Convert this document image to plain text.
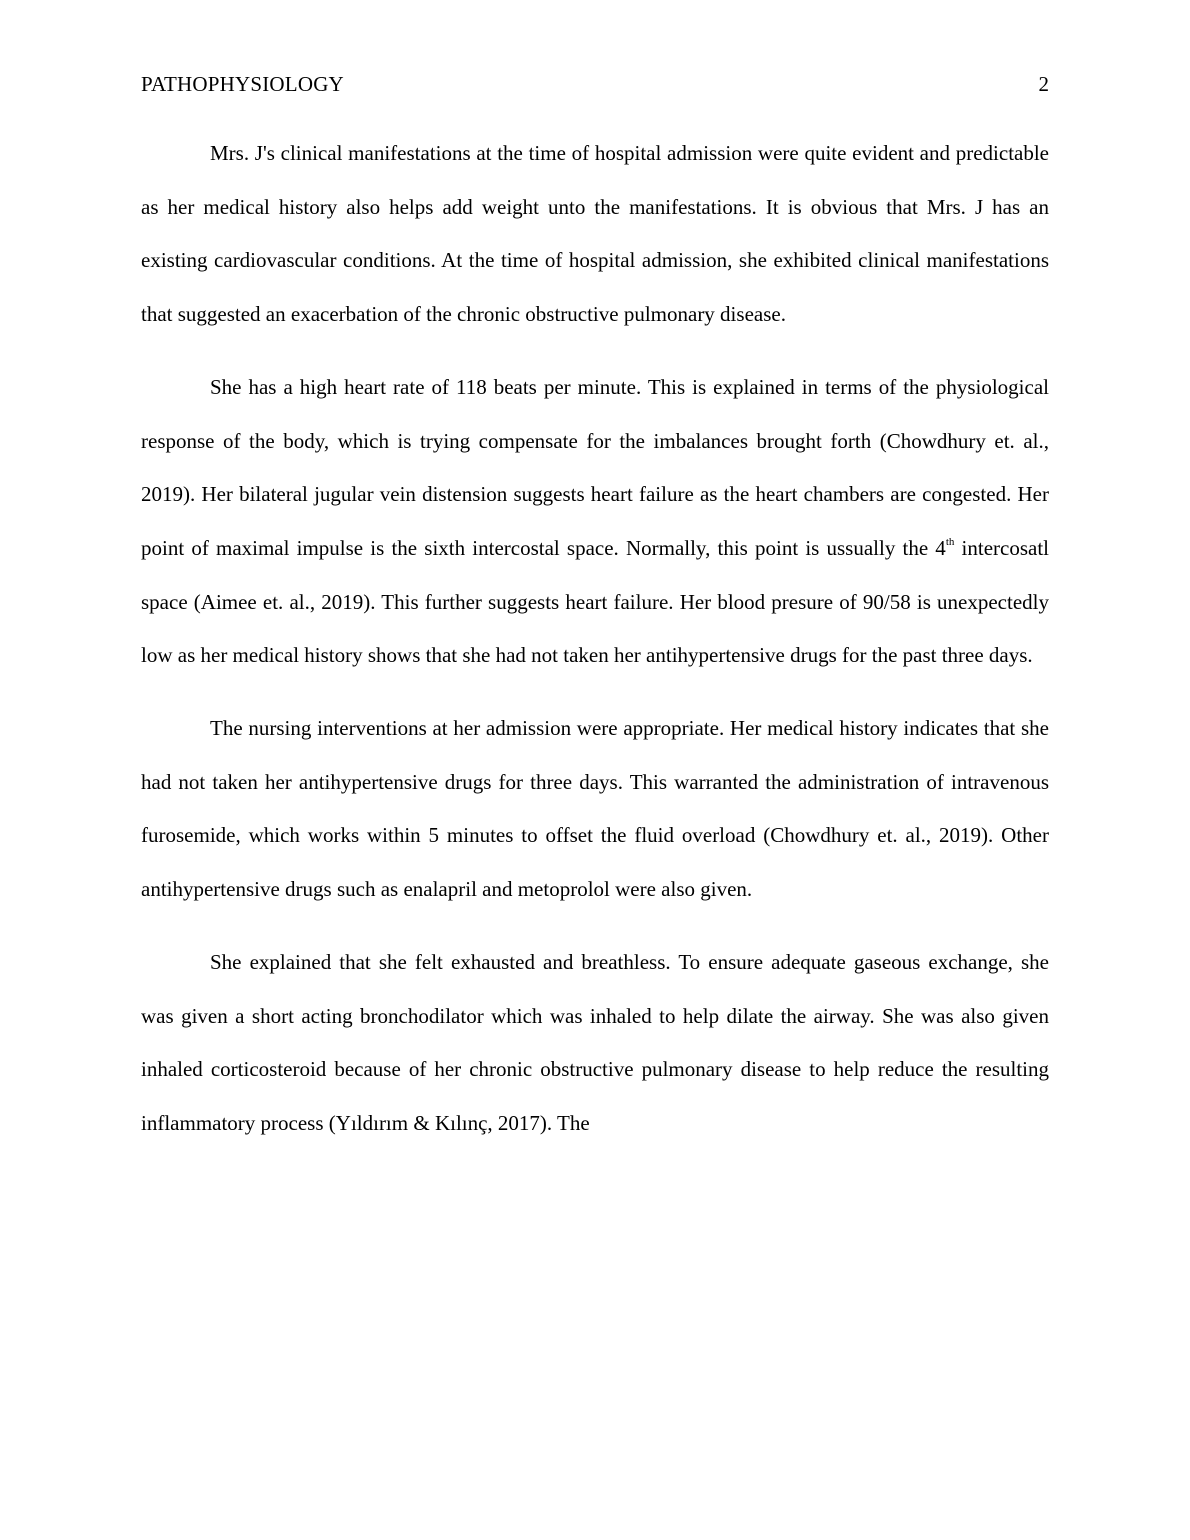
PATHOPHYSIOLOGY	2

Mrs. J's clinical manifestations at the time of hospital admission were quite evident and predictable as her medical history also helps add weight unto the manifestations. It is obvious that Mrs. J has an existing cardiovascular conditions. At the time of hospital admission, she exhibited clinical manifestations that suggested an exacerbation of the chronic obstructive pulmonary disease.

She has a high heart rate of 118 beats per minute. This is explained in terms of the physiological response of the body, which is trying compensate for the imbalances brought forth (Chowdhury et. al., 2019). Her bilateral jugular vein distension suggests heart failure as the heart chambers are congested. Her point of maximal impulse is the sixth intercostal space. Normally, this point is ussually the 4th intercosatl space (Aimee et. al., 2019). This further suggests heart failure. Her blood presure of 90/58 is unexpectedly low as her medical history shows that she had not taken her antihypertensive drugs for the past three days.

The nursing interventions at her admission were appropriate. Her medical history indicates that she had not taken her antihypertensive drugs for three days. This warranted the administration of intravenous furosemide, which works within 5 minutes to offset the fluid overload (Chowdhury et. al., 2019). Other antihypertensive drugs such as enalapril and metoprolol were also given.

She explained that she felt exhausted and breathless. To ensure adequate gaseous exchange, she was given a short acting bronchodilator which was inhaled to help dilate the airway. She was also given inhaled corticosteroid because of her chronic obstructive pulmonary disease to help reduce the resulting inflammatory process (Yıldırım & Kılınç, 2017). The
